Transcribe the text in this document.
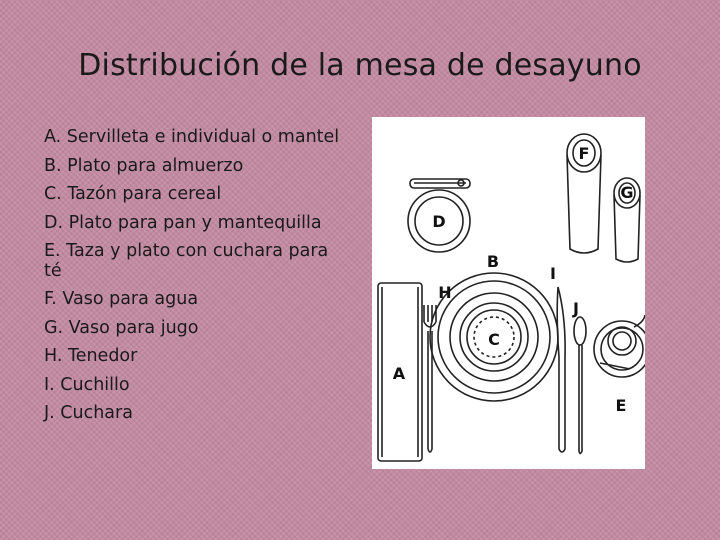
Distribución de la mesa de desayuno
A. Servilleta e individual o mantel
B. Plato para almuerzo
C. Tazón para cereal
D. Plato para pan y mantequilla
E. Taza y plato con cuchara para té
F. Vaso para agua
G. Vaso para jugo
H. Tenedor
I. Cuchillo
J. Cuchara
A
B
C
D
E
F
G
H
I
J
